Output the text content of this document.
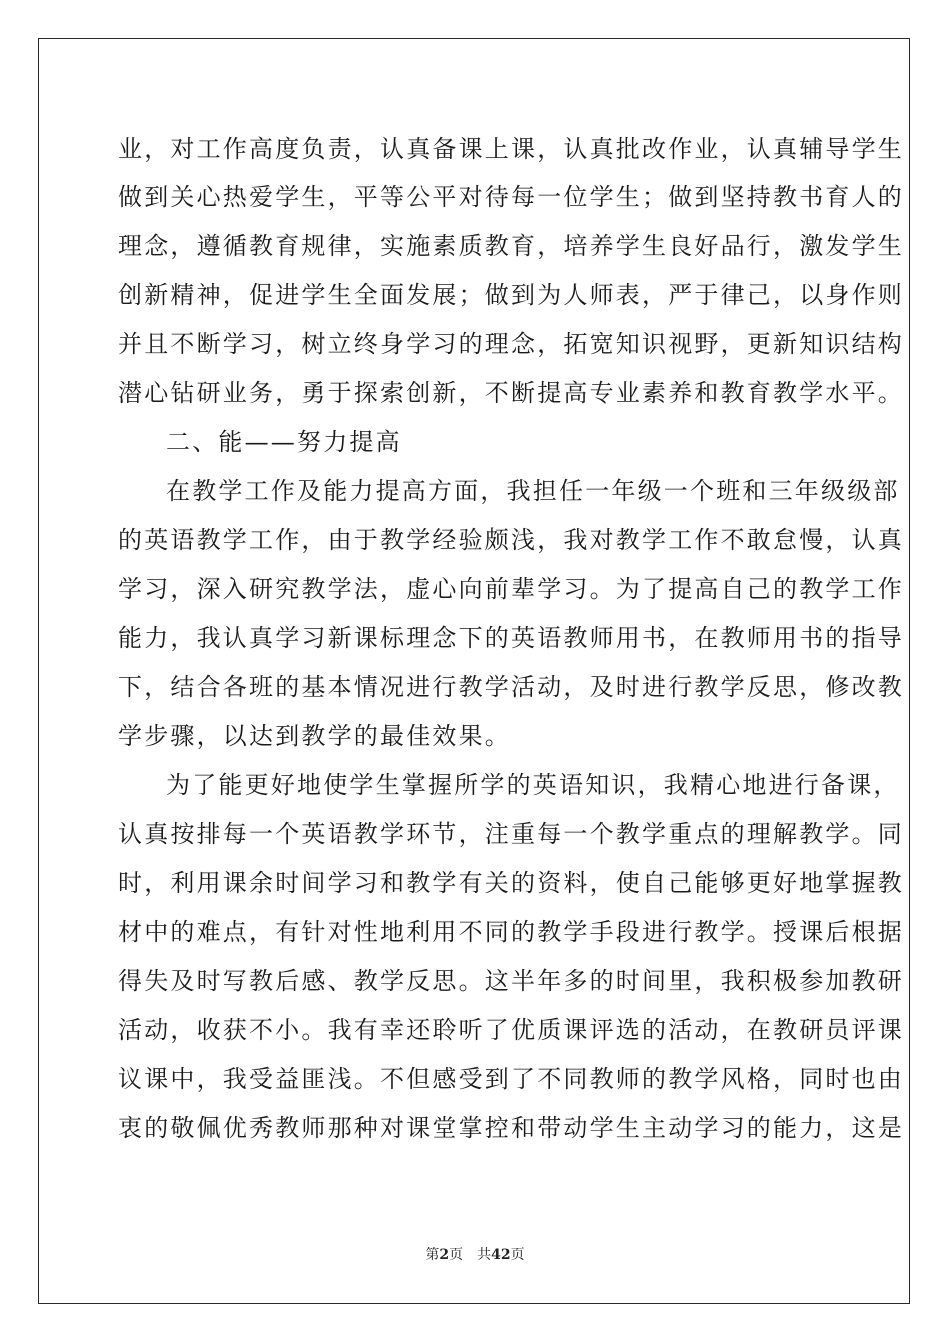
业，对工作高度负责，认真备课上课，认真批改作业，认真辅导学生
做到关心热爱学生，平等公平对待每一位学生；做到坚持教书育人的
理念，遵循教育规律，实施素质教育，培养学生良好品行，激发学生
创新精神，促进学生全面发展；做到为人师表，严于律己，以身作则
并且不断学习，树立终身学习的理念，拓宽知识视野，更新知识结构
潜心钻研业务，勇于探索创新，不断提高专业素养和教育教学水平。
二、能——努力提高
在教学工作及能力提高方面，我担任一年级一个班和三年级级部
的英语教学工作，由于教学经验颇浅，我对教学工作不敢怠慢，认真
学习，深入研究教学法，虚心向前辈学习。为了提高自己的教学工作
能力，我认真学习新课标理念下的英语教师用书，在教师用书的指导
下，结合各班的基本情况进行教学活动，及时进行教学反思，修改教
学步骤，以达到教学的最佳效果。
为了能更好地使学生掌握所学的英语知识，我精心地进行备课，
认真按排每一个英语教学环节，注重每一个教学重点的理解教学。同
时，利用课余时间学习和教学有关的资料，使自己能够更好地掌握教
材中的难点，有针对性地利用不同的教学手段进行教学。授课后根据
得失及时写教后感、教学反思。这半年多的时间里，我积极参加教研
活动，收获不小。我有幸还聆听了优质课评选的活动，在教研员评课
议课中，我受益匪浅。不但感受到了不同教师的教学风格，同时也由
衷的敬佩优秀教师那种对课堂掌控和带动学生主动学习的能力，这是
第2页 共42页
